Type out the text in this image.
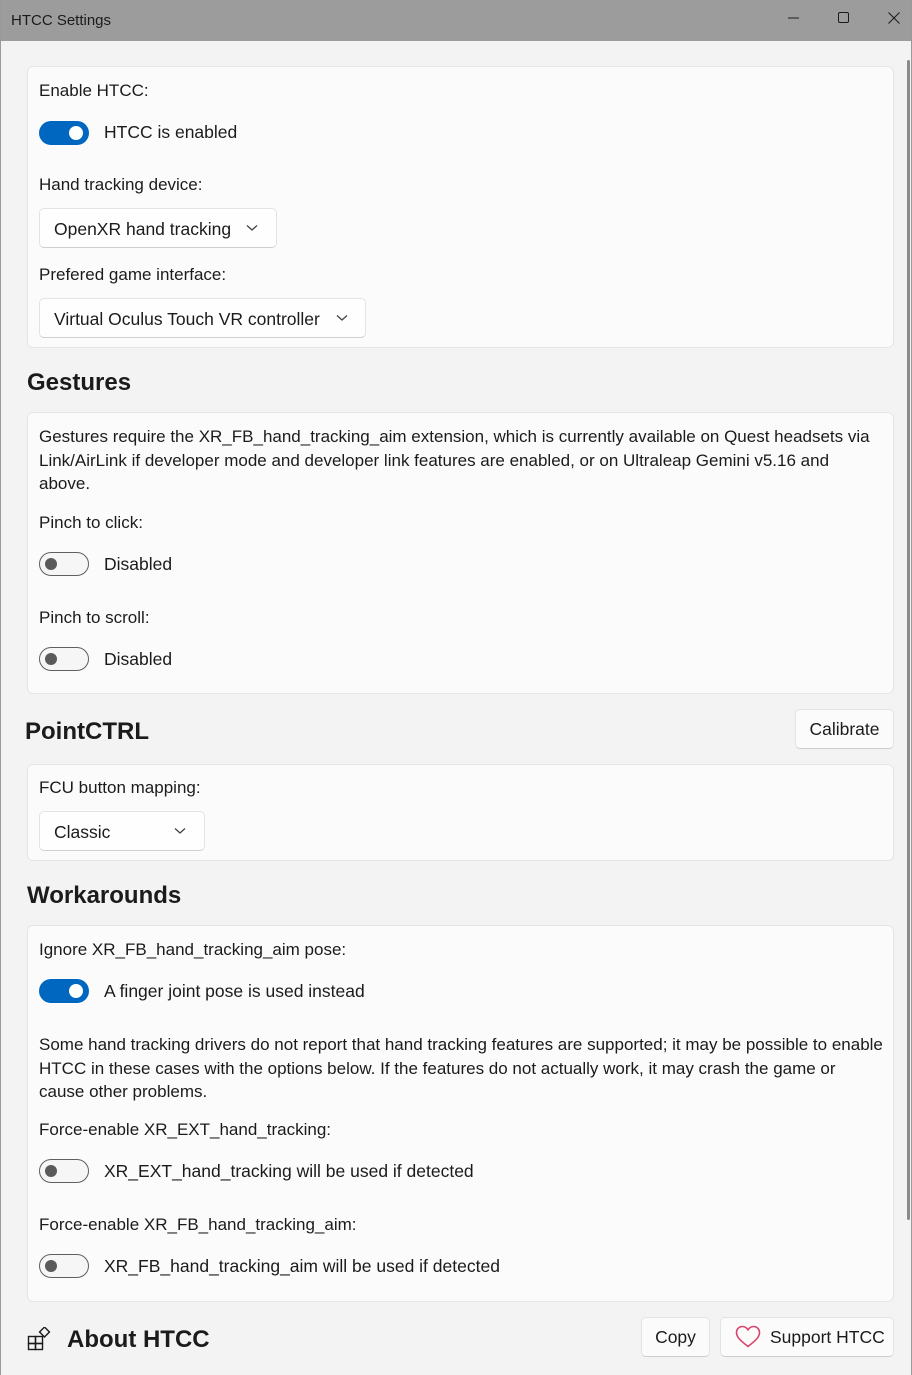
HTCC Settings
Enable HTCC:
HTCC is enabled
Hand tracking device:
OpenXR hand tracking
Prefered game interface:
Virtual Oculus Touch VR controller
Gestures

Gestures require the XR_FB_hand_tracking_aim extension, which is currently available on Quest headsets via Link/AirLink if developer mode and developer link features are enabled, or on Ultraleap Gemini v5.16 and above.

Pinch to click:
Disabled
Pinch to scroll:
Disabled
PointCTRL	Calibrate
FCU button mapping:
Classic
Workarounds
Ignore XR_FB_hand_tracking_aim pose:
A finger joint pose is used instead

Some hand tracking drivers do not report that hand tracking features are supported; it may be possible to enable HTCC in these cases with the options below. If the features do not actually work, it may crash the game or cause other problems.

Force-enable XR_EXT_hand_tracking:
XR_EXT_hand_tracking will be used if detected
Force-enable XR_FB_hand_tracking_aim:
XR_FB_hand_tracking_aim will be used if detected
About HTCC	Copy	Support HTCC
